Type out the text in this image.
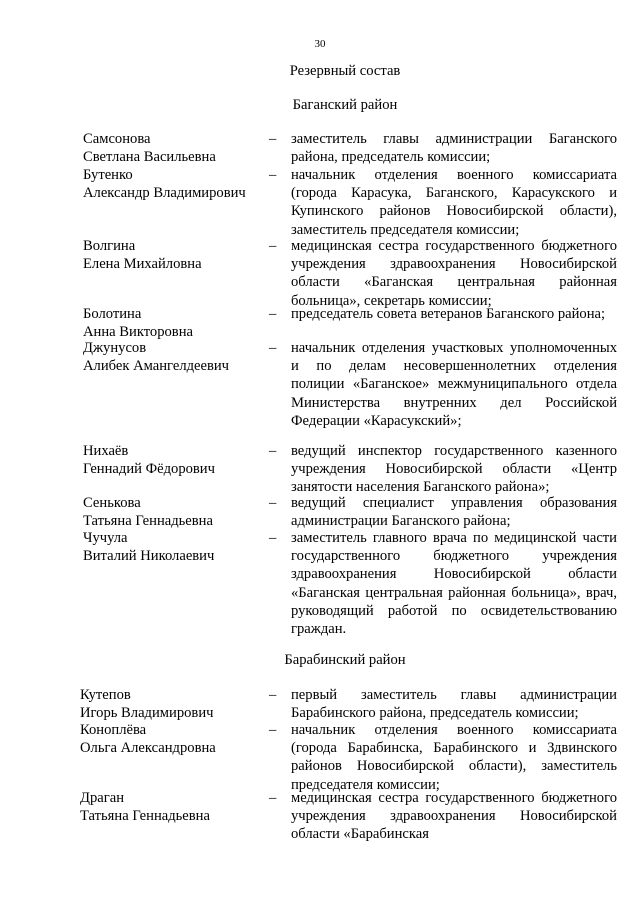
30
Резервный состав
Баганский район
Самсонова
Светлана Васильевна
– заместитель главы администрации Баганского района, председатель комиссии;
Бутенко
Александр Владимирович
– начальник отделения военного комиссариата (города Карасука, Баганского, Карасукского и Купинского районов Новосибирской области), заместитель председателя комиссии;
Волгина
Елена Михайловна
– медицинская сестра государственного бюджетного учреждения здравоохранения Новосибирской области «Баганская центральная районная больница», секретарь комиссии;
Болотина
Анна Викторовна
– председатель совета ветеранов Баганского района;
Джунусов
Алибек Амангелдеевич
– начальник отделения участковых уполномоченных и по делам несовершеннолетних отделения полиции «Баганское» межмуниципального отдела Министерства внутренних дел Российской Федерации «Карасукский»;
Нихаёв
Геннадий Фёдорович
– ведущий инспектор государственного казенного учреждения Новосибирской области «Центр занятости населения Баганского района»;
Сенькова
Татьяна Геннадьевна
– ведущий специалист управления образования администрации Баганского района;
Чучула
Виталий Николаевич
– заместитель главного врача по медицинской части государственного бюджетного учреждения здравоохранения Новосибирской области «Баганская центральная районная больница», врач, руководящий работой по освидетельствованию граждан.
Барабинский район
Кутепов
Игорь Владимирович
– первый заместитель главы администрации Барабинского района, председатель комиссии;
Коноплёва
Ольга Александровна
– начальник отделения военного комиссариата (города Барабинска, Барабинского и Здвинского районов Новосибирской области), заместитель председателя комиссии;
Драган
Татьяна Геннадьевна
– медицинская сестра государственного бюджетного учреждения здравоохранения Новосибирской области «Барабинская
